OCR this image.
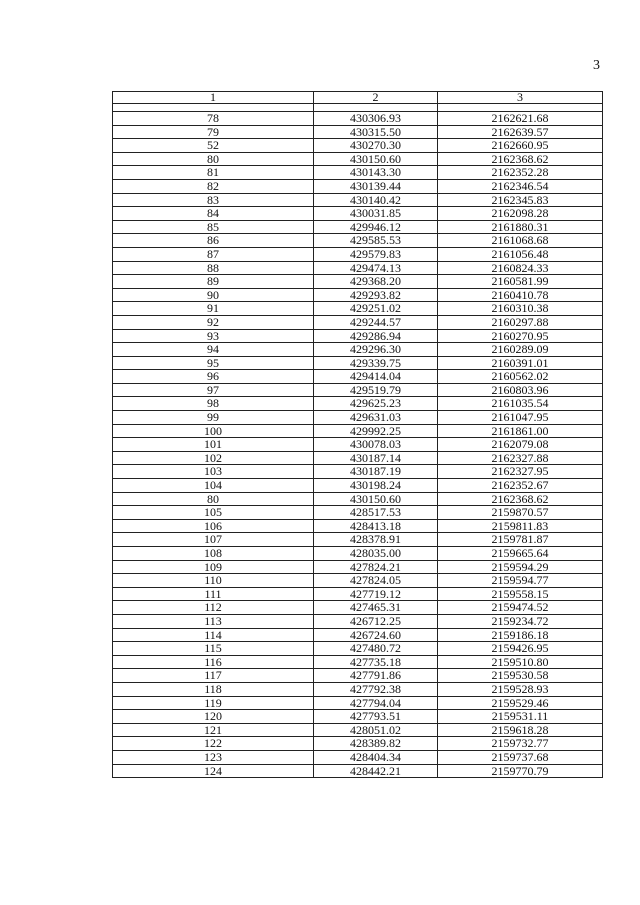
3
1	2	3

78	430306.93	2162621.68
79	430315.50	2162639.57
52	430270.30	2162660.95
80	430150.60	2162368.62
81	430143.30	2162352.28
82	430139.44	2162346.54
83	430140.42	2162345.83
84	430031.85	2162098.28
85	429946.12	2161880.31
86	429585.53	2161068.68
87	429579.83	2161056.48
88	429474.13	2160824.33
89	429368.20	2160581.99
90	429293.82	2160410.78
91	429251.02	2160310.38
92	429244.57	2160297.88
93	429286.94	2160270.95
94	429296.30	2160289.09
95	429339.75	2160391.01
96	429414.04	2160562.02
97	429519.79	2160803.96
98	429625.23	2161035.54
99	429631.03	2161047.95
100	429992.25	2161861.00
101	430078.03	2162079.08
102	430187.14	2162327.88
103	430187.19	2162327.95
104	430198.24	2162352.67
80	430150.60	2162368.62
105	428517.53	2159870.57
106	428413.18	2159811.83
107	428378.91	2159781.87
108	428035.00	2159665.64
109	427824.21	2159594.29
110	427824.05	2159594.77
111	427719.12	2159558.15
112	427465.31	2159474.52
113	426712.25	2159234.72
114	426724.60	2159186.18
115	427480.72	2159426.95
116	427735.18	2159510.80
117	427791.86	2159530.58
118	427792.38	2159528.93
119	427794.04	2159529.46
120	427793.51	2159531.11
121	428051.02	2159618.28
122	428389.82	2159732.77
123	428404.34	2159737.68
124	428442.21	2159770.79
